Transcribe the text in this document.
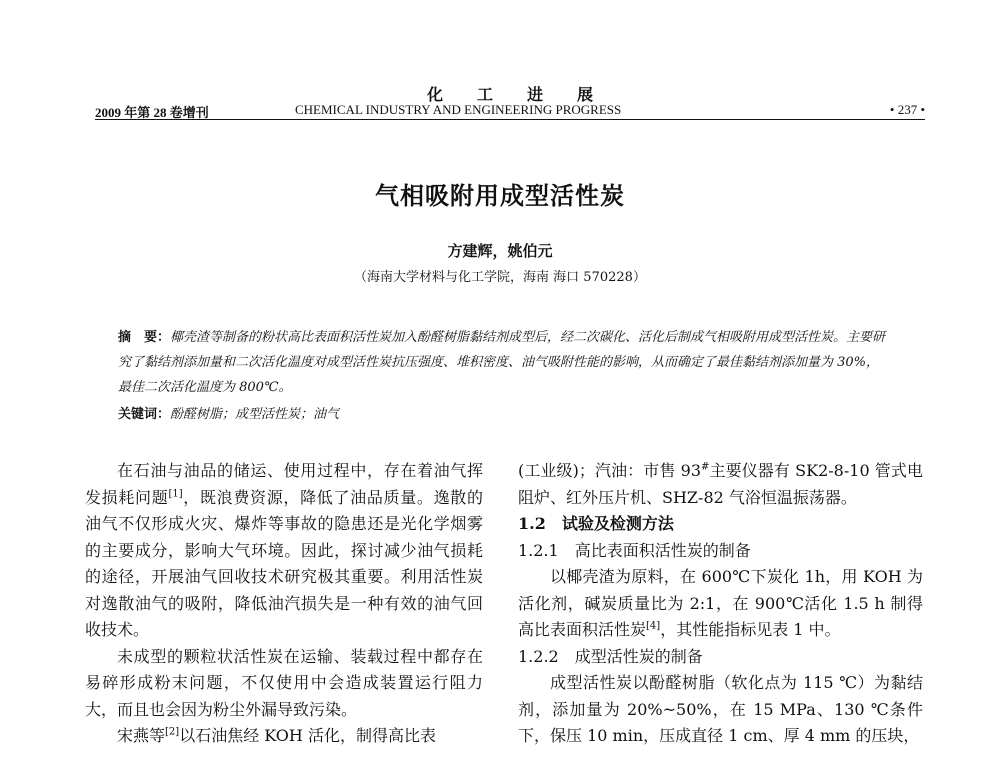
化工进展
2009 年第 28 卷增刊	CHEMICAL INDUSTRY AND ENGINEERING PROGRESS	• 237 •
气相吸附用成型活性炭
方建辉，姚伯元
（海南大学材料与化工学院，海南 海口 570228）
摘　要：椰壳渣等制备的粉状高比表面积活性炭加入酚醛树脂黏结剂成型后，经二次碳化、活化后制成气相吸附用成型活性炭。主要研究了黏结剂添加量和二次活化温度对成型活性炭抗压强度、堆积密度、油气吸附性能的影响，从而确定了最佳黏结剂添加量为 30%，最佳二次活化温度为 800℃。
关键词：酚醛树脂；成型活性炭；油气

在石油与油品的储运、使用过程中，存在着油气挥发损耗问题[1]，既浪费资源，降低了油品质量。逸散的油气不仅形成火灾、爆炸等事故的隐患还是光化学烟雾的主要成分，影响大气环境。因此，探讨减少油气损耗的途径，开展油气回收技术研究极其重要。利用活性炭对逸散油气的吸附，降低油汽损失是一种有效的油气回收技术。

未成型的颗粒状活性炭在运输、装载过程中都存在易碎形成粉末问题，不仅使用中会造成装置运行阻力大，而且也会因为粉尘外漏导致污染。

宋燕等[2]以石油焦经 KOH 活化，制得高比表

(工业级)；汽油：市售 93#主要仪器有 SK2-8-10 管式电阻炉、红外压片机、SHZ-82 气浴恒温振荡器。

1.2　试验及检测方法

1.2.1　高比表面积活性炭的制备

以椰壳渣为原料，在 600℃下炭化 1h，用 KOH 为活化剂，碱炭质量比为 2:1，在 900℃活化 1.5 h 制得高比表面积活性炭[4]，其性能指标见表 1 中。

1.2.2　成型活性炭的制备

成型活性炭以酚醛树脂（软化点为 115 ℃）为黏结剂，添加量为 20%~50%，在 15 MPa、130 ℃条件下，保压 10 min，压成直径 1 cm、厚 4 mm 的压块，
